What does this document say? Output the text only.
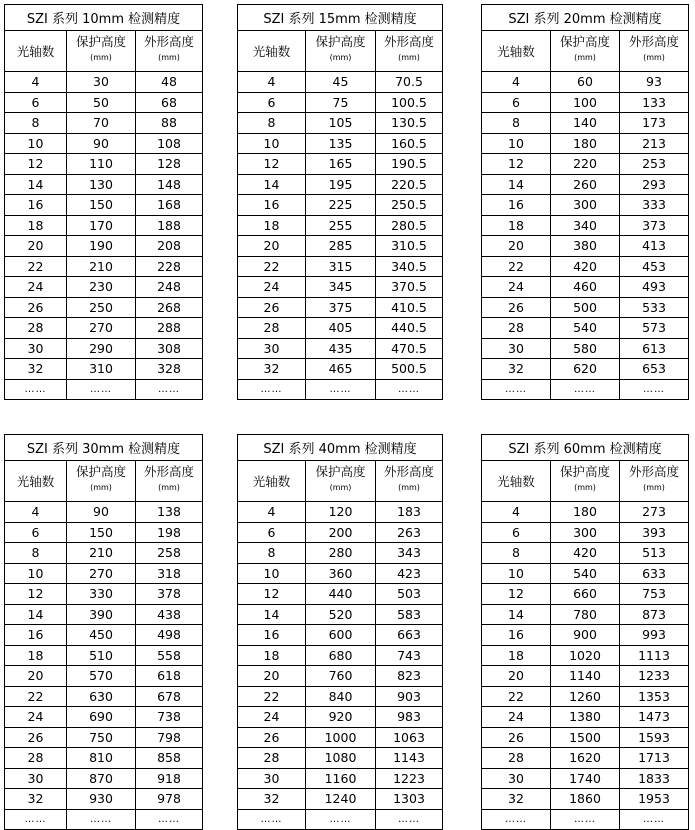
SZI 系列 10mm 检测精度		
光轴数	保护高度	外形高度
	(mm)	(mm)
4	30	48
6	50	68
8	70	88
10	90	108
12	110	128
14	130	148
16	150	168
18	170	188
20	190	208
22	210	228
24	230	248
26	250	268
28	270	288
30	290	308
32	310	328
……	……	……
SZI 系列 15mm 检测精度		
光轴数	保护高度	外形高度
	(mm)	(mm)
4	45	70.5
6	75	100.5
8	105	130.5
10	135	160.5
12	165	190.5
14	195	220.5
16	225	250.5
18	255	280.5
20	285	310.5
22	315	340.5
24	345	370.5
26	375	410.5
28	405	440.5
30	435	470.5
32	465	500.5
……	……	……
SZI 系列 20mm 检测精度		
光轴数	保护高度	外形高度
	(mm)	(mm)
4	60	93
6	100	133
8	140	173
10	180	213
12	220	253
14	260	293
16	300	333
18	340	373
20	380	413
22	420	453
24	460	493
26	500	533
28	540	573
30	580	613
32	620	653
……	……	……
SZI 系列 30mm 检测精度		
光轴数	保护高度	外形高度
	(mm)	(mm)
4	90	138
6	150	198
8	210	258
10	270	318
12	330	378
14	390	438
16	450	498
18	510	558
20	570	618
22	630	678
24	690	738
26	750	798
28	810	858
30	870	918
32	930	978
……	……	……
SZI 系列 40mm 检测精度		
光轴数	保护高度	外形高度
	(mm)	(mm)
4	120	183
6	200	263
8	280	343
10	360	423
12	440	503
14	520	583
16	600	663
18	680	743
20	760	823
22	840	903
24	920	983
26	1000	1063
28	1080	1143
30	1160	1223
32	1240	1303
……	……	……
SZI 系列 60mm 检测精度		
光轴数	保护高度	外形高度
	(mm)	(mm)
4	180	273
6	300	393
8	420	513
10	540	633
12	660	753
14	780	873
16	900	993
18	1020	1113
20	1140	1233
22	1260	1353
24	1380	1473
26	1500	1593
28	1620	1713
30	1740	1833
32	1860	1953
……	……	……
